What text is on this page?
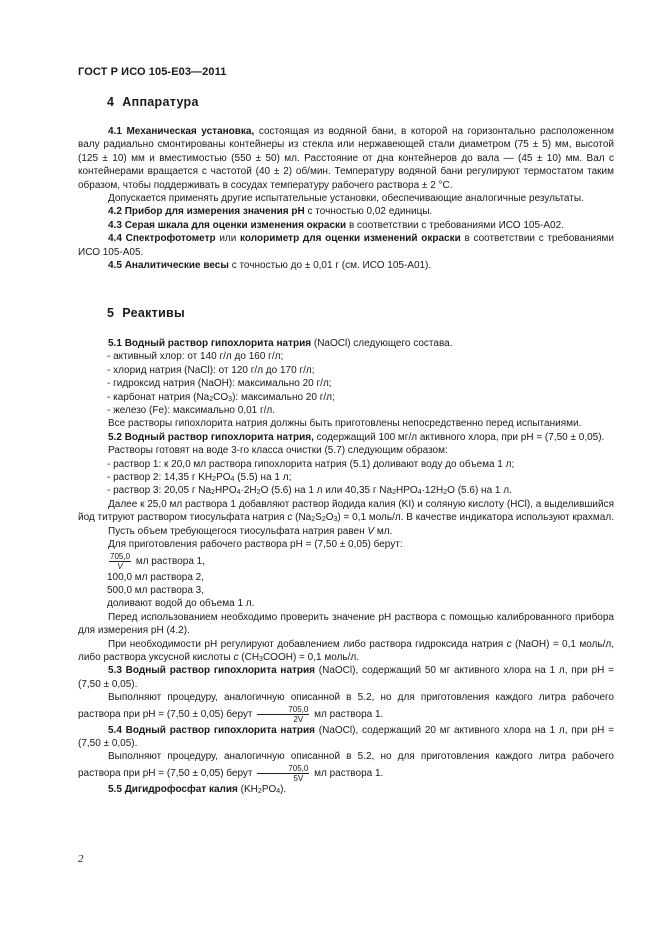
ГОСТ Р ИСО 105-Е03—2011
4 Аппаратура
4.1 Механическая установка, состоящая из водяной бани, в которой на горизонтально расположенном валу радиально смонтированы контейнеры из стекла или нержавеющей стали диаметром (75 ± 5) мм, высотой (125 ± 10) мм и вместимостью (550 ± 50) мл. Расстояние от дна контейнеров до вала — (45 ± 10) мм. Вал с контейнерами вращается с частотой (40 ± 2) об/мин. Температуру водяной бани регулируют термостатом таким образом, чтобы поддерживать в сосудах температуру рабочего раствора ± 2 °С.
Допускается применять другие испытательные установки, обеспечивающие аналогичные результаты.
4.2 Прибор для измерения значения pH с точностью 0,02 единицы.
4.3 Серая шкала для оценки изменения окраски в соответствии с требованиями ИСО 105-А02.
4.4 Спектрофотометр или колориметр для оценки изменений окраски в соответствии с требованиями ИСО 105-А05.
4.5 Аналитические весы с точностью до ± 0,01 г (см. ИСО 105-А01).
5 Реактивы
5.1 Водный раствор гипохлорита натрия (NaOCl) следующего состава.
- активный хлор: от 140 г/л до 160 г/л;
- хлорид натрия (NaCl): от 120 г/л до 170 г/л;
- гидроксид натрия (NaOH): максимально 20 г/л;
- карбонат натрия $(Na_2CO_3)$: максимально 20 г/л;
- железо (Fe): максимально 0,01 г/л.
Все растворы гипохлорита натрия должны быть приготовлены непосредственно перед испытаниями.
5.2 Водный раствор гипохлорита натрия, содержащий 100 мг/л активного хлора, при pH = (7,50 ± 0,05).
Растворы готовят на воде 3-го класса очистки (5.7) следующим образом:
- раствор 1: к 20,0 мл раствора гипохлорита натрия (5.1) доливают воду до объема 1 л;
- раствор 2: 14,35 г $KH_2PO_4$ (5.5) на 1 л;
- раствор 3: 20,05 г $Na_2HPO_4\cdot 2H_2O$ (5.6) на 1 л или 40,35 г $Na_2HPO_4\cdot 12H_2O$ (5.6) на 1 л.
Далее к 25,0 мл раствора 1 добавляют раствор йодида калия (KI) и соляную кислоту (HCl), а выделившийся йод титруют раствором тиосульфата натрия c $(Na_2S_2O_3) = 0,1$ моль/л. В качестве индикатора используют крахмал.
Пусть объем требующегося тиосульфата натрия равен V мл.
Для приготовления рабочего раствора pH = (7,50 ± 0,05) берут:
$\frac{705,0}{V}$ мл раствора 1,
100,0 мл раствора 2,
500,0 мл раствора 3,
доливают водой до объема 1 л.
Перед использованием необходимо проверить значение pH раствора с помощью калиброванного прибора для измерения pH (4.2).
При необходимости pH регулируют добавлением либо раствора гидроксида натрия c (NaOH) = 0,1 моль/л, либо раствора уксусной кислоты c $(CH_3COOH) = 0,1$ моль/л.
5.3 Водный раствор гипохлорита натрия (NaOCl), содержащий 50 мг активного хлора на 1 л, при pH = (7,50 ± 0,05).
Выполняют процедуру, аналогичную описанной в 5.2, но для приготовления каждого литра рабочего раствора при pH = (7,50 ± 0,05) берут $\frac{705,0}{2V}$ мл раствора 1.
5.4 Водный раствор гипохлорита натрия (NaOCl), содержащий 20 мг активного хлора на 1 л, при pH = (7,50 ± 0,05).
Выполняют процедуру, аналогичную описанной в 5.2, но для приготовления каждого литра рабочего раствора при pH = (7,50 ± 0,05) берут $\frac{705,0}{5V}$ мл раствора 1.
5.5 Дигидрофосфат калия $(KH_2PO_4)$.
2
